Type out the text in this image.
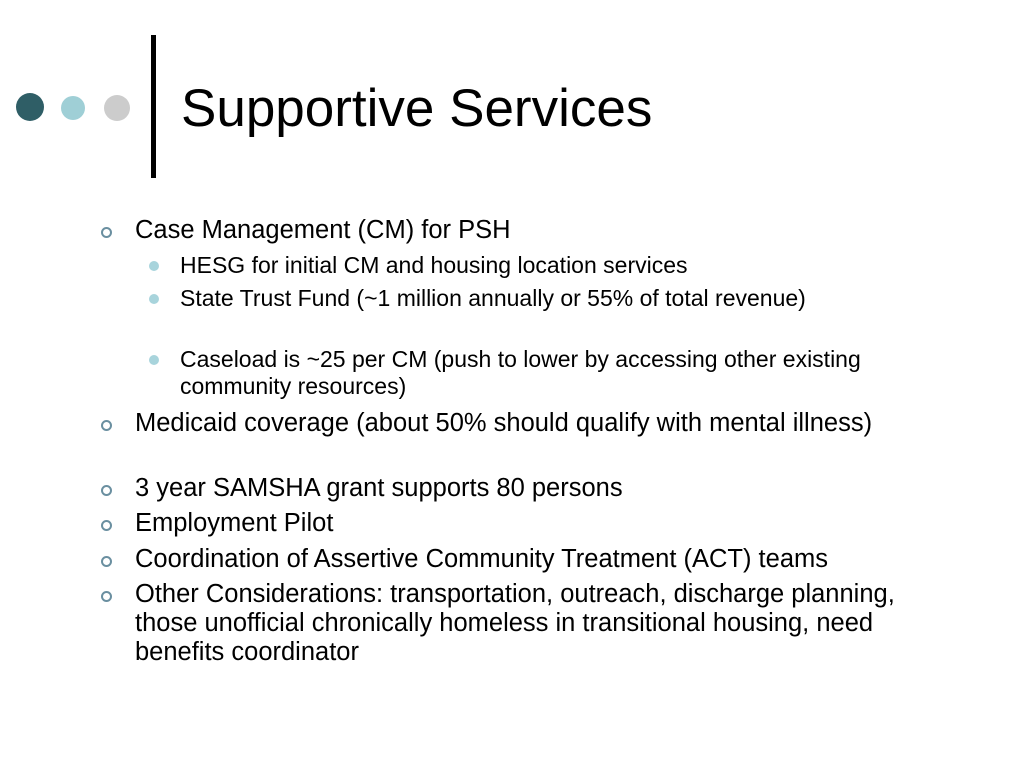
Supportive Services
Case Management (CM) for PSH
HESG for initial CM and housing location services
State Trust Fund (~1 million annually or 55% of total revenue)
Caseload is ~25 per CM (push to lower by accessing other existing community resources)
Medicaid coverage (about 50% should qualify with mental illness)
3 year SAMSHA grant supports 80 persons
Employment Pilot
Coordination of Assertive Community Treatment (ACT) teams
Other Considerations: transportation, outreach, discharge planning, those unofficial chronically homeless in transitional housing, need benefits coordinator
